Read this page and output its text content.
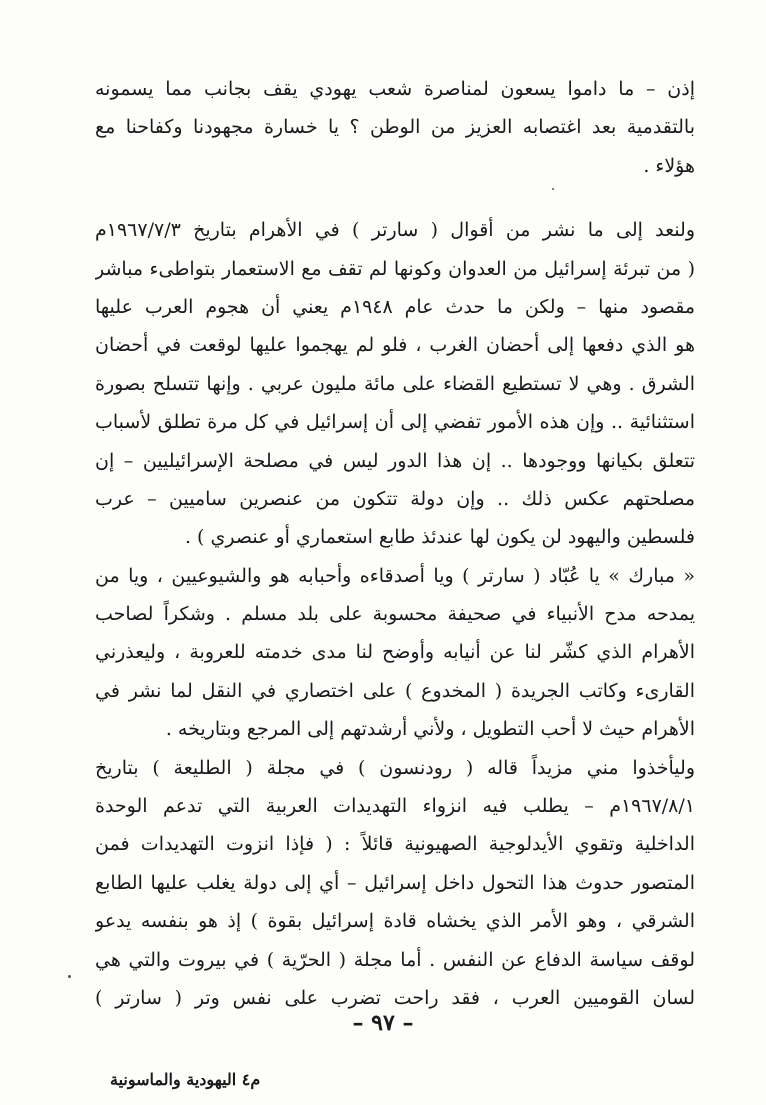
إذن – ما داموا يسعون لمناصرة شعب يهودي يقف بجانب مما يسمونه
بالتقدمية بعد اغتصابه العزيز من الوطن ؟ يا خسارة مجهودنا وكفاحنا مع
هؤلاء .
ولنعد إلى ما نشر من أقوال ( سارتر ) في الأهرام بتاريخ ١٩٦٧/٧/٣م
( من تبرئة إسرائيل من العدوان وكونها لم تقف مع الاستعمار بتواطىء مباشر
مقصود منها – ولكن ما حدث عام ١٩٤٨م يعني أن هجوم العرب عليها
هو الذي دفعها إلى أحضان الغرب ، فلو لم يهجموا عليها لوقعت في أحضان
الشرق . وهي لا تستطيع القضاء على مائة مليون عربي . وإنها تتسلح بصورة
استثنائية .. وإن هذه الأمور تفضي إلى أن إسرائيل في كل مرة تطلق لأسباب
تتعلق بكيانها ووجودها .. إن هذا الدور ليس في مصلحة الإسرائيليين – إن
مصلحتهم عكس ذلك .. وإن دولة تتكون من عنصرين ساميين – عرب
فلسطين واليهود لن يكون لها عندئذ طابع استعماري أو عنصري ) .
« مبارك » يا عُبّاد ( سارتر ) ويا أصدقاءه وأحبابه هو والشيوعيين ، ويا من
يمدحه مدح الأنبياء في صحيفة محسوبة على بلد مسلم . وشكراً لصاحب
الأهرام الذي كشّر لنا عن أنيابه وأوضح لنا مدى خدمته للعروبة ، وليعذرني
القارىء وكاتب الجريدة ( المخدوع ) على اختصاري في النقل لما نشر في
الأهرام حيث لا أحب التطويل ، ولأني أرشدتهم إلى المرجع وبتاريخه .
وليأخذوا مني مزيداً قاله ( رودنسون ) في مجلة ( الطليعة ) بتاريخ
١٩٦٧/٨/١م – يطلب فيه انزواء التهديدات العربية التي تدعم الوحدة
الداخلية وتقوي الأيدلوجية الصهيونية قائلاً : ( فإذا انزوت التهديدات فمن
المتصور حدوث هذا التحول داخل إسرائيل – أي إلى دولة يغلب عليها الطابع
الشرقي ، وهو الأمر الذي يخشاه قادة إسرائيل بقوة ) إذ هو بنفسه يدعو
لوقف سياسة الدفاع عن النفس . أما مجلة ( الحرّية ) في بيروت والتي هي
لسان القوميين العرب ، فقد راحت تضرب على نفس وتر ( سارتر )
– ٩٧ –
م٤ اليهودية والماسونية
